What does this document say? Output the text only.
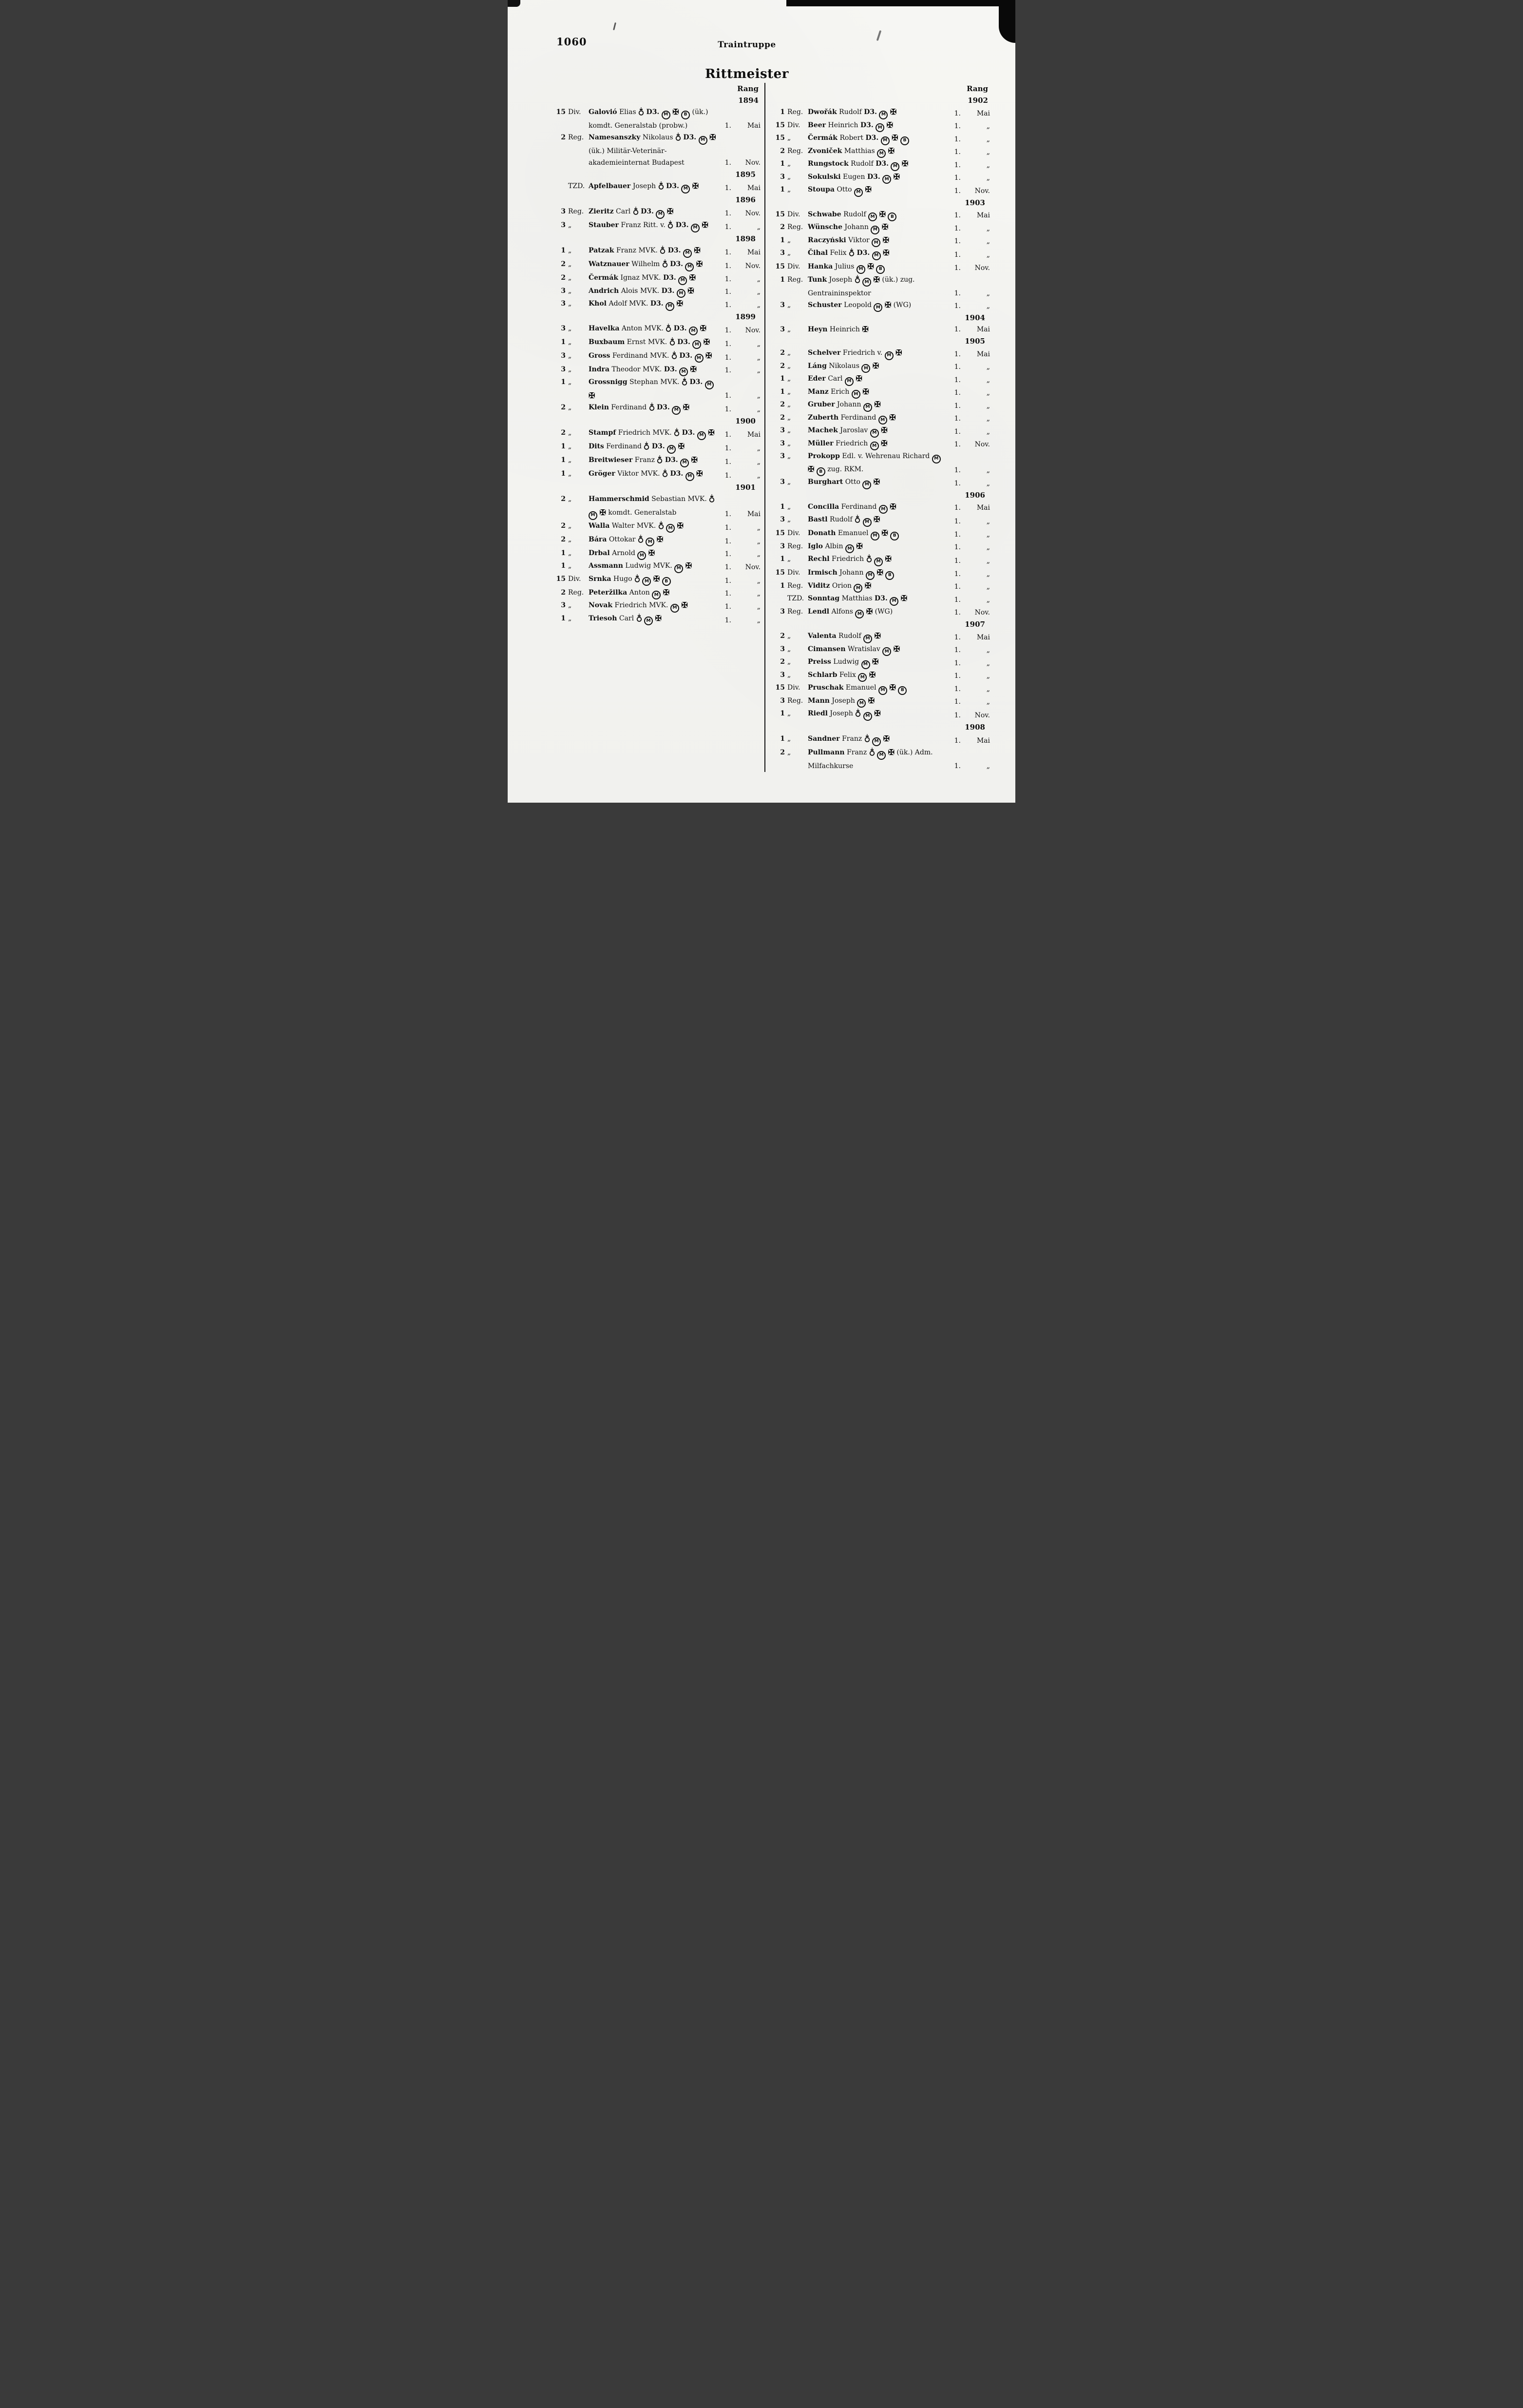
1060	Traintruppe
Rittmeister
Rang
1894
15 Div.	Galovió Elias  D3. M ✠ B (ük.) komdt. Generalstab (probw.)	1.	Mai
2 Reg. Namesanszky Nikolaus  D3. M ✠ (ük.) Militär-Veterinär- akademieinternat Budapest	1.	Nov.
1895
TZD. Apfelbauer Joseph  D3. M ✠	1.	Mai
1896
3 Reg. Zieritz Carl  D3. M ✠	1.	Nov.
3 „	Stauber Franz Ritt. v.  D3. M ✠	1.	„
1898
1 „	Patzak Franz MVK.  D3. M ✠	1.	Mai
2 „	Watznauer Wilhelm  D3. M ✠	1.	Nov.
2 „	Čermák Ignaz MVK. D3. M ✠	1.	„
3 „	Andrich Alois MVK. D3. M ✠	1.	„
3 „	Khol Adolf MVK. D3. M ✠	1.	„
1899
3 „	Havelka Anton MVK.  D3. M ✠	1.	Nov.
1 „	Buxbaum Ernst MVK.  D3. M ✠	1.	„
3 „	Gross Ferdinand MVK.  D3. M ✠	1.	„
3 „	Indra Theodor MVK. D3. M ✠	1.	„
1 „	Grossnigg Stephan MVK.  D3. M ✠	1.	„
2 „	Klein Ferdinand  D3. M ✠	1.	„
1900
2 „	Stampf Friedrich MVK.  D3. M ✠	1.	Mai
1 „	Dits Ferdinand  D3. M ✠	1.	„
1 „	Breitwieser Franz  D3. M ✠	1.	„
1 „	Gröger Viktor MVK.  D3. M ✠	1.	„
1901
2 „	Hammerschmid Sebastian MVK.  M ✠ komdt. Generalstab	1.	Mai
2 „	Walla Walter MVK.  M ✠	1.	„
2 „	Bára Ottokar  M ✠	1.	„
1 „	Drbal Arnold M ✠	1.	„
1 „	Assmann Ludwig MVK. M ✠	1.	Nov.
15 Div.	Srnka Hugo  M ✠ B	1.	„
2 Reg. Peteržilka Anton M ✠	1.	„
3 „	Novak Friedrich MVK. M ✠	1.	„
1 „	Triesoh Carl  M ✠	1.	„
Rang
1902
1 Reg. Dwořák Rudolf D3. M ✠	1.	Mai
15 Div.	Beer Heinrich D3. M ✠	1.	„
15 „	Čermák Robert D3. M ✠ B	1.	„
2 Reg. Zvoniček Matthias M ✠	1.	„
1 „	Rungstock Rudolf D3. M ✠	1.	„
3 „	Sokulski Eugen D3. M ✠	1.	„
1 „	Stoupa Otto M ✠	1.	Nov.
1903
15 Div.	Schwabe Rudolf M ✠ B	1.	Mai
2 Reg. Wünsche Johann M ✠	1.	„
1 „	Raczyński Viktor M ✠	1.	„
3 „	Čihal Felix  D3. M ✠	1.	„
15 Div.	Hanka Julius M ✠ B	1.	Nov.
1 Reg. Tunk Joseph  M ✠ (ük.) zug. Gentraininspektor	1.	„
3 „	Schuster Leopold M ✠ (WG)	1.	„
1904
3 „	Heyn Heinrich ✠	1.	Mai
1905
2 „	Schelver Friedrich v. M ✠	1.	Mai
2 „	Láng Nikolaus M ✠	1.	„
1 „	Eder Carl M ✠	1.	„
1 „	Manz Erich M ✠	1.	„
2 „	Gruber Johann M ✠	1.	„
2 „	Zuberth Ferdinand M ✠	1.	„
3 „	Machek Jaroslav M ✠	1.	„
3 „	Müller Friedrich M ✠	1.	Nov.
3 „	Prokopp Edl. v. Wehrenau Richard M ✠ B zug. RKM.	1.	„
3 „	Burghart Otto M ✠	1.	„
1906
1 „	Concilla Ferdinand M ✠	1.	Mai
3 „	Bastl Rudolf  M ✠	1.	„
15 Div.	Donath Emanuel M ✠ B	1.	„
3 Reg. Iglo Albin M ✠	1.	„
1 „	Rechl Friedrich  M ✠	1.	„
15 Div.	Irmisch Johann M ✠ B	1.	„
1 Reg. Viditz Orion M ✠	1.	„
TZD. Sonntag Matthias D3. M ✠	1.	„
3 Reg. Lendl Alfons M ✠ (WG)	1.	Nov.
1907
2 „	Valenta Rudolf M ✠	1.	Mai
3 „	Cimansen Wratislav M ✠	1.	„
2 „	Preiss Ludwig M ✠	1.	„
3 „	Schlarb Felix M ✠	1.	„
15 Div.	Pruschak Emanuel M ✠ B	1.	„
3 Reg. Mann Joseph M ✠	1.	„
1 „	Riedl Joseph  M ✠	1.	Nov.
1908
1 „	Sandner Franz  M ✠	1.	Mai
2 „	Pullmann Franz  M ✠ (ük.) Adm. Milfachkurse	1.	„
